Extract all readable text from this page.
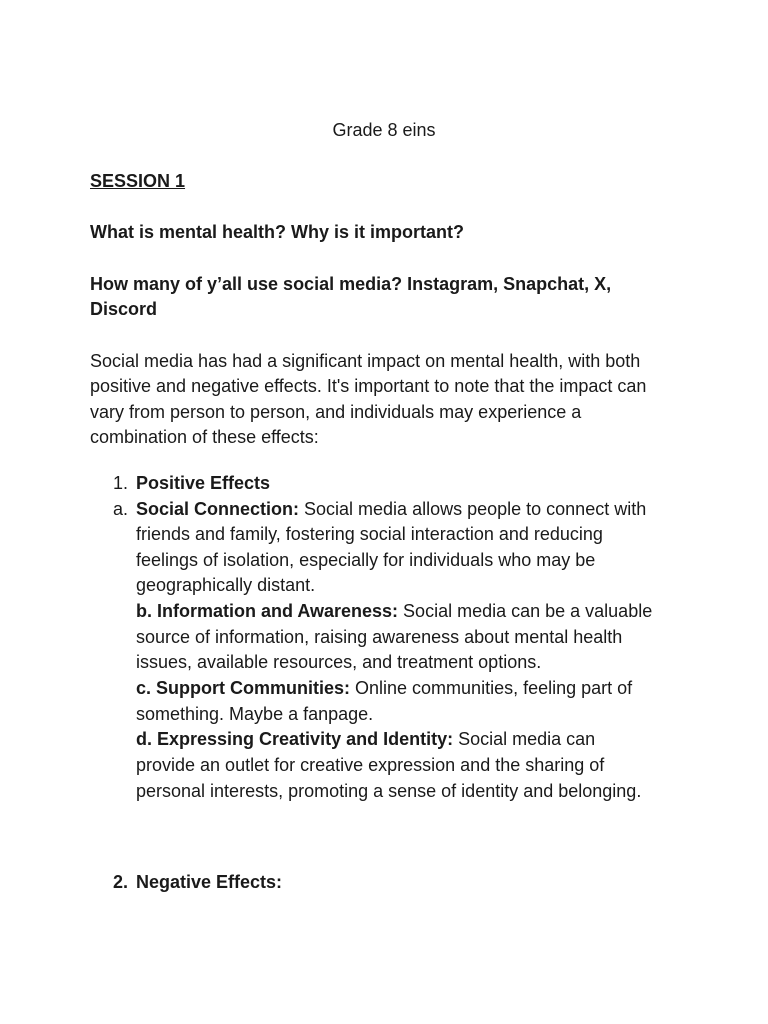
Grade 8 eins
SESSION 1
What is mental health? Why is it important?
How many of y’all use social media? Instagram, Snapchat, X,
Discord
Social media has had a significant impact on mental health, with both
positive and negative effects. It's important to note that the impact can
vary from person to person, and individuals may experience a
combination of these effects:
1. Positive Effects
a. Social Connection: Social media allows people to connect with
friends and family, fostering social interaction and reducing
feelings of isolation, especially for individuals who may be
geographically distant.
b. Information and Awareness: Social media can be a valuable
source of information, raising awareness about mental health
issues, available resources, and treatment options.
c. Support Communities: Online communities, feeling part of
something. Maybe a fanpage.
d. Expressing Creativity and Identity: Social media can
provide an outlet for creative expression and the sharing of
personal interests, promoting a sense of identity and belonging.
2. Negative Effects:
